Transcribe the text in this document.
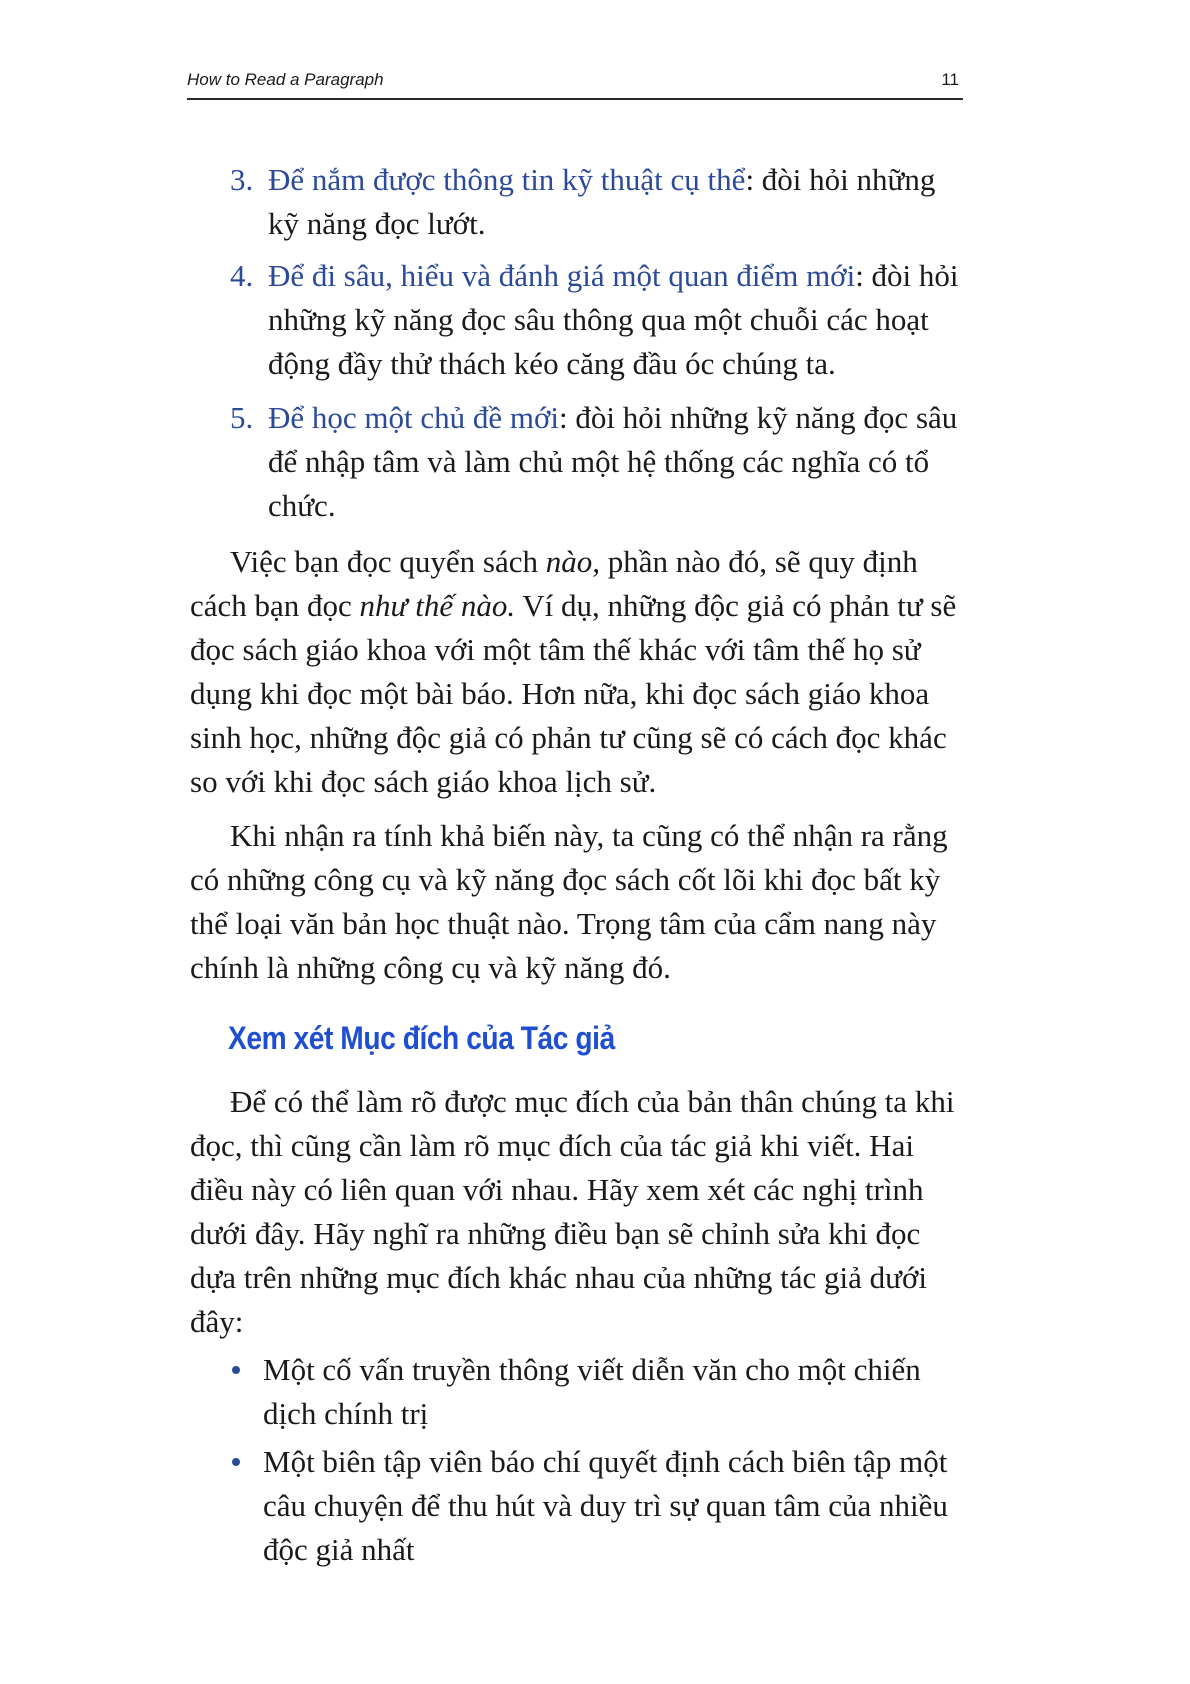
How to Read a Paragraph	11
3. Để nắm được thông tin kỹ thuật cụ thể: đòi hỏi những kỹ năng đọc lướt.
4. Để đi sâu, hiểu và đánh giá một quan điểm mới: đòi hỏi những kỹ năng đọc sâu thông qua một chuỗi các hoạt động đầy thử thách kéo căng đầu óc chúng ta.
5. Để học một chủ đề mới: đòi hỏi những kỹ năng đọc sâu để nhập tâm và làm chủ một hệ thống các nghĩa có tổ chức.
Việc bạn đọc quyển sách nào, phần nào đó, sẽ quy định cách bạn đọc như thế nào. Ví dụ, những độc giả có phản tư sẽ đọc sách giáo khoa với một tâm thế khác với tâm thế họ sử dụng khi đọc một bài báo. Hơn nữa, khi đọc sách giáo khoa sinh học, những độc giả có phản tư cũng sẽ có cách đọc khác so với khi đọc sách giáo khoa lịch sử.
Khi nhận ra tính khả biến này, ta cũng có thể nhận ra rằng có những công cụ và kỹ năng đọc sách cốt lõi khi đọc bất kỳ thể loại văn bản học thuật nào. Trọng tâm của cẩm nang này chính là những công cụ và kỹ năng đó.
Xem xét Mục đích của Tác giả
Để có thể làm rõ được mục đích của bản thân chúng ta khi đọc, thì cũng cần làm rõ mục đích của tác giả khi viết. Hai điều này có liên quan với nhau. Hãy xem xét các nghị trình dưới đây. Hãy nghĩ ra những điều bạn sẽ chỉnh sửa khi đọc dựa trên những mục đích khác nhau của những tác giả dưới đây:
Một cố vấn truyền thông viết diễn văn cho một chiến dịch chính trị
Một biên tập viên báo chí quyết định cách biên tập một câu chuyện để thu hút và duy trì sự quan tâm của nhiều độc giả nhất
